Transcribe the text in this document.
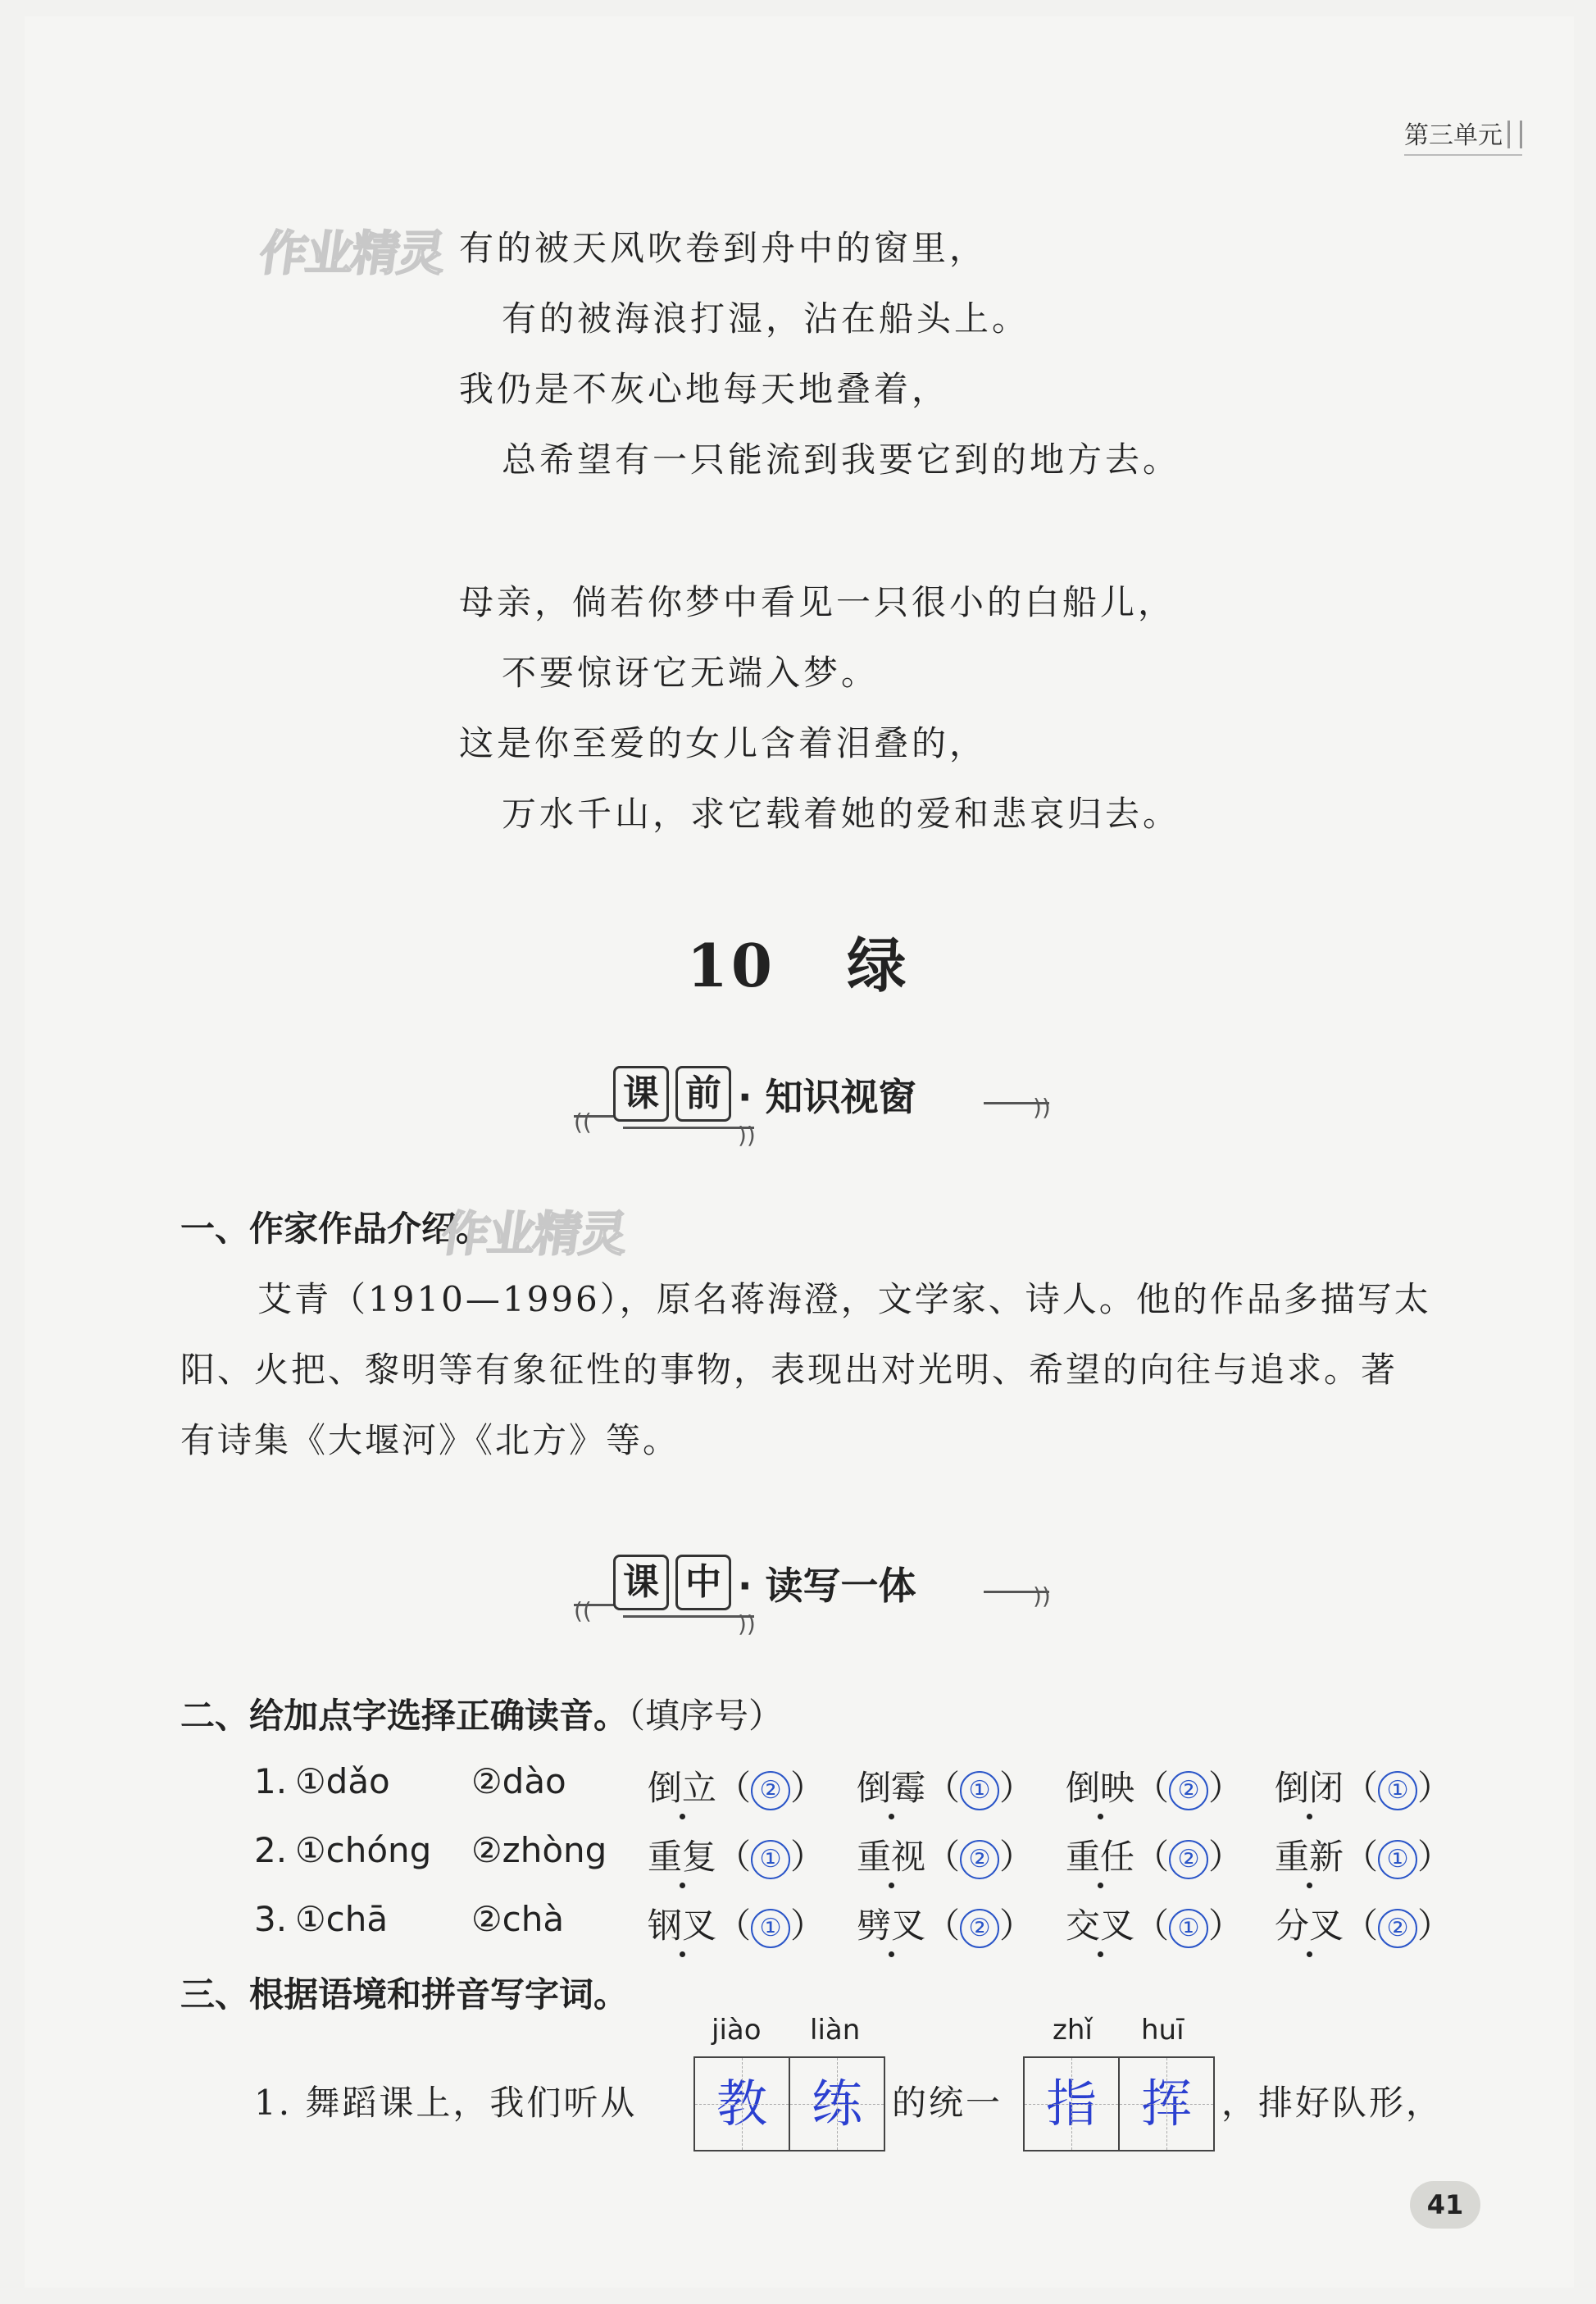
第三单元
作业精灵 有的被天风吹卷到舟中的窗里，
有的被海浪打湿，沾在船头上。
我仍是不灰心地每天地叠着，
总希望有一只能流到我要它到的地方去。
母亲，倘若你梦中看见一只很小的白船儿，
不要惊讶它无端入梦。
这是你至爱的女儿含着泪叠的，
万水千山，求它载着她的爱和悲哀归去。
10 绿
((
课 前 · 知识视窗	))
))
一、作家作品介绍。
作业精灵
艾青（1910—1996），原名蒋海澄，文学家、诗人。他的作品多描写太
阳、火把、黎明等有象征性的事物，表现出对光明、希望的向往与追求。著
有诗集《大堰河》《北方》等。
((
课 中 · 读写一体	))
))
二、给加点字选择正确读音。（填序号）
1. ①dǎo ②dào 倒立（ ② ） 倒霉（ ① ） 倒映（ ② ） 倒闭（ ① ）
2. ①chóng ②zhòng 重复（ ① ） 重视（ ② ） 重任（ ② ） 重新（ ① ）
3. ①chā ②chà 钢叉（ ① ） 劈叉（ ② ） 交叉（ ① ） 分叉（ ② ）
三、根据语境和拼音写字词。
jiào liàn	zhǐ huī
1. 舞蹈课上，我们听从	教 练 的统一 指 挥 ，排好队形，
41
